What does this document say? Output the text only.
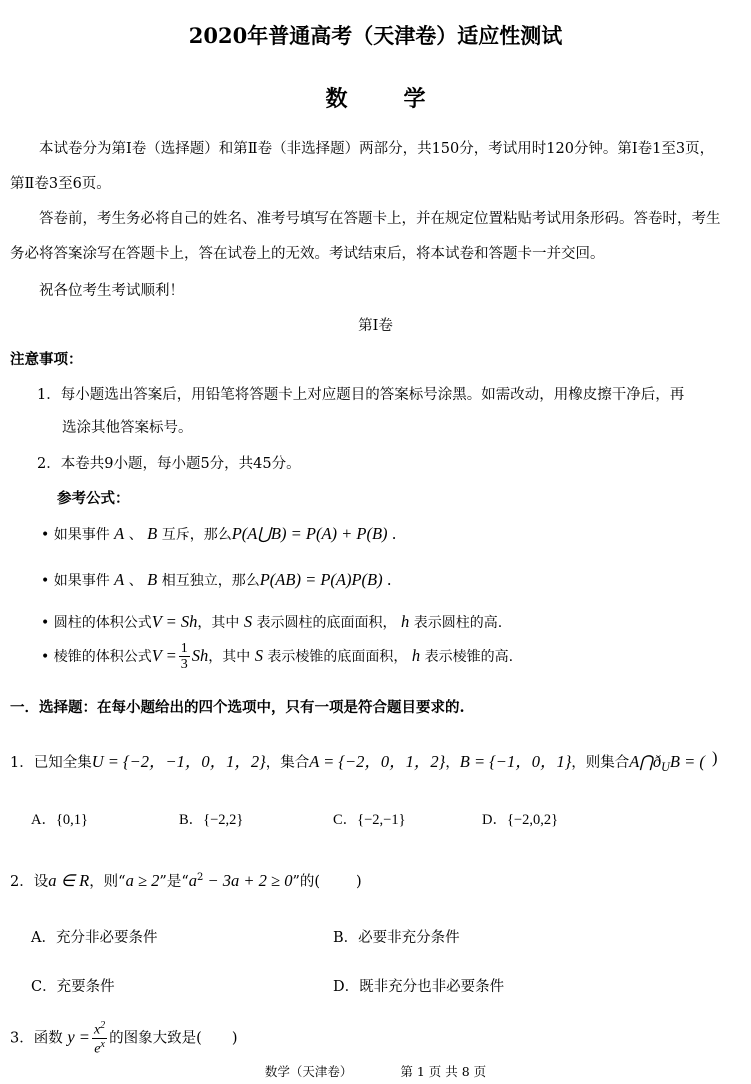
2020年普通高考（天津卷）适应性测试
数	学
本试卷分为第Ⅰ卷（选择题）和第Ⅱ卷（非选择题）两部分，共150分，考试用时120分钟。第Ⅰ卷1至3页，第Ⅱ卷3至6页。
答卷前，考生务必将自己的姓名、准考号填写在答题卡上，并在规定位置粘贴考试用条形码。答卷时，考生务必将答案涂写在答题卡上，答在试卷上的无效。考试结束后，将本试卷和答题卡一并交回。
祝各位考生考试顺利！
第Ⅰ卷
注意事项：
1．每小题选出答案后，用铅笔将答题卡上对应题目的答案标号涂黑。如需改动，用橡皮擦干净后，再
选涂其他答案标号。
2．本卷共9小题，每小题5分，共45分。
参考公式：
• 如果事件 A 、 B 互斥，那么P(A⋃B) = P(A) + P(B) .
• 如果事件 A 、 B 相互独立，那么P(AB) = P(A)P(B) .
• 圆柱的体积公式V = Sh，其中 S 表示圆柱的底面面积， h 表示圆柱的高.
• 棱锥的体积公式$V = \frac{1}{3}$ Sh，其中 S 表示棱锥的底面面积， h 表示棱锥的高.
一．选择题：在每小题给出的四个选项中，只有一项是符合题目要求的.
1．已知全集U = {−2，−1，0，1，2}，集合A = {−2，0，1，2}，B = {−1，0，1}，则集合$A⋂ð_UB$ = ( )
A．{0,1}	B．{−2,2}	C．{−2,−1}	D．{−2,0,2}
2．设a ∈ R，则“a ≥ 2”是“$a^2 - 3a + 2 \ge 0$”的( )
A．充分非必要条件	B．必要非充分条件
C．充要条件	D．既非充分也非必要条件
3．函数 $y = \frac{x^2}{e^x}$ 的图象大致是( )
数学（天津卷）	第 1 页 共 8 页
